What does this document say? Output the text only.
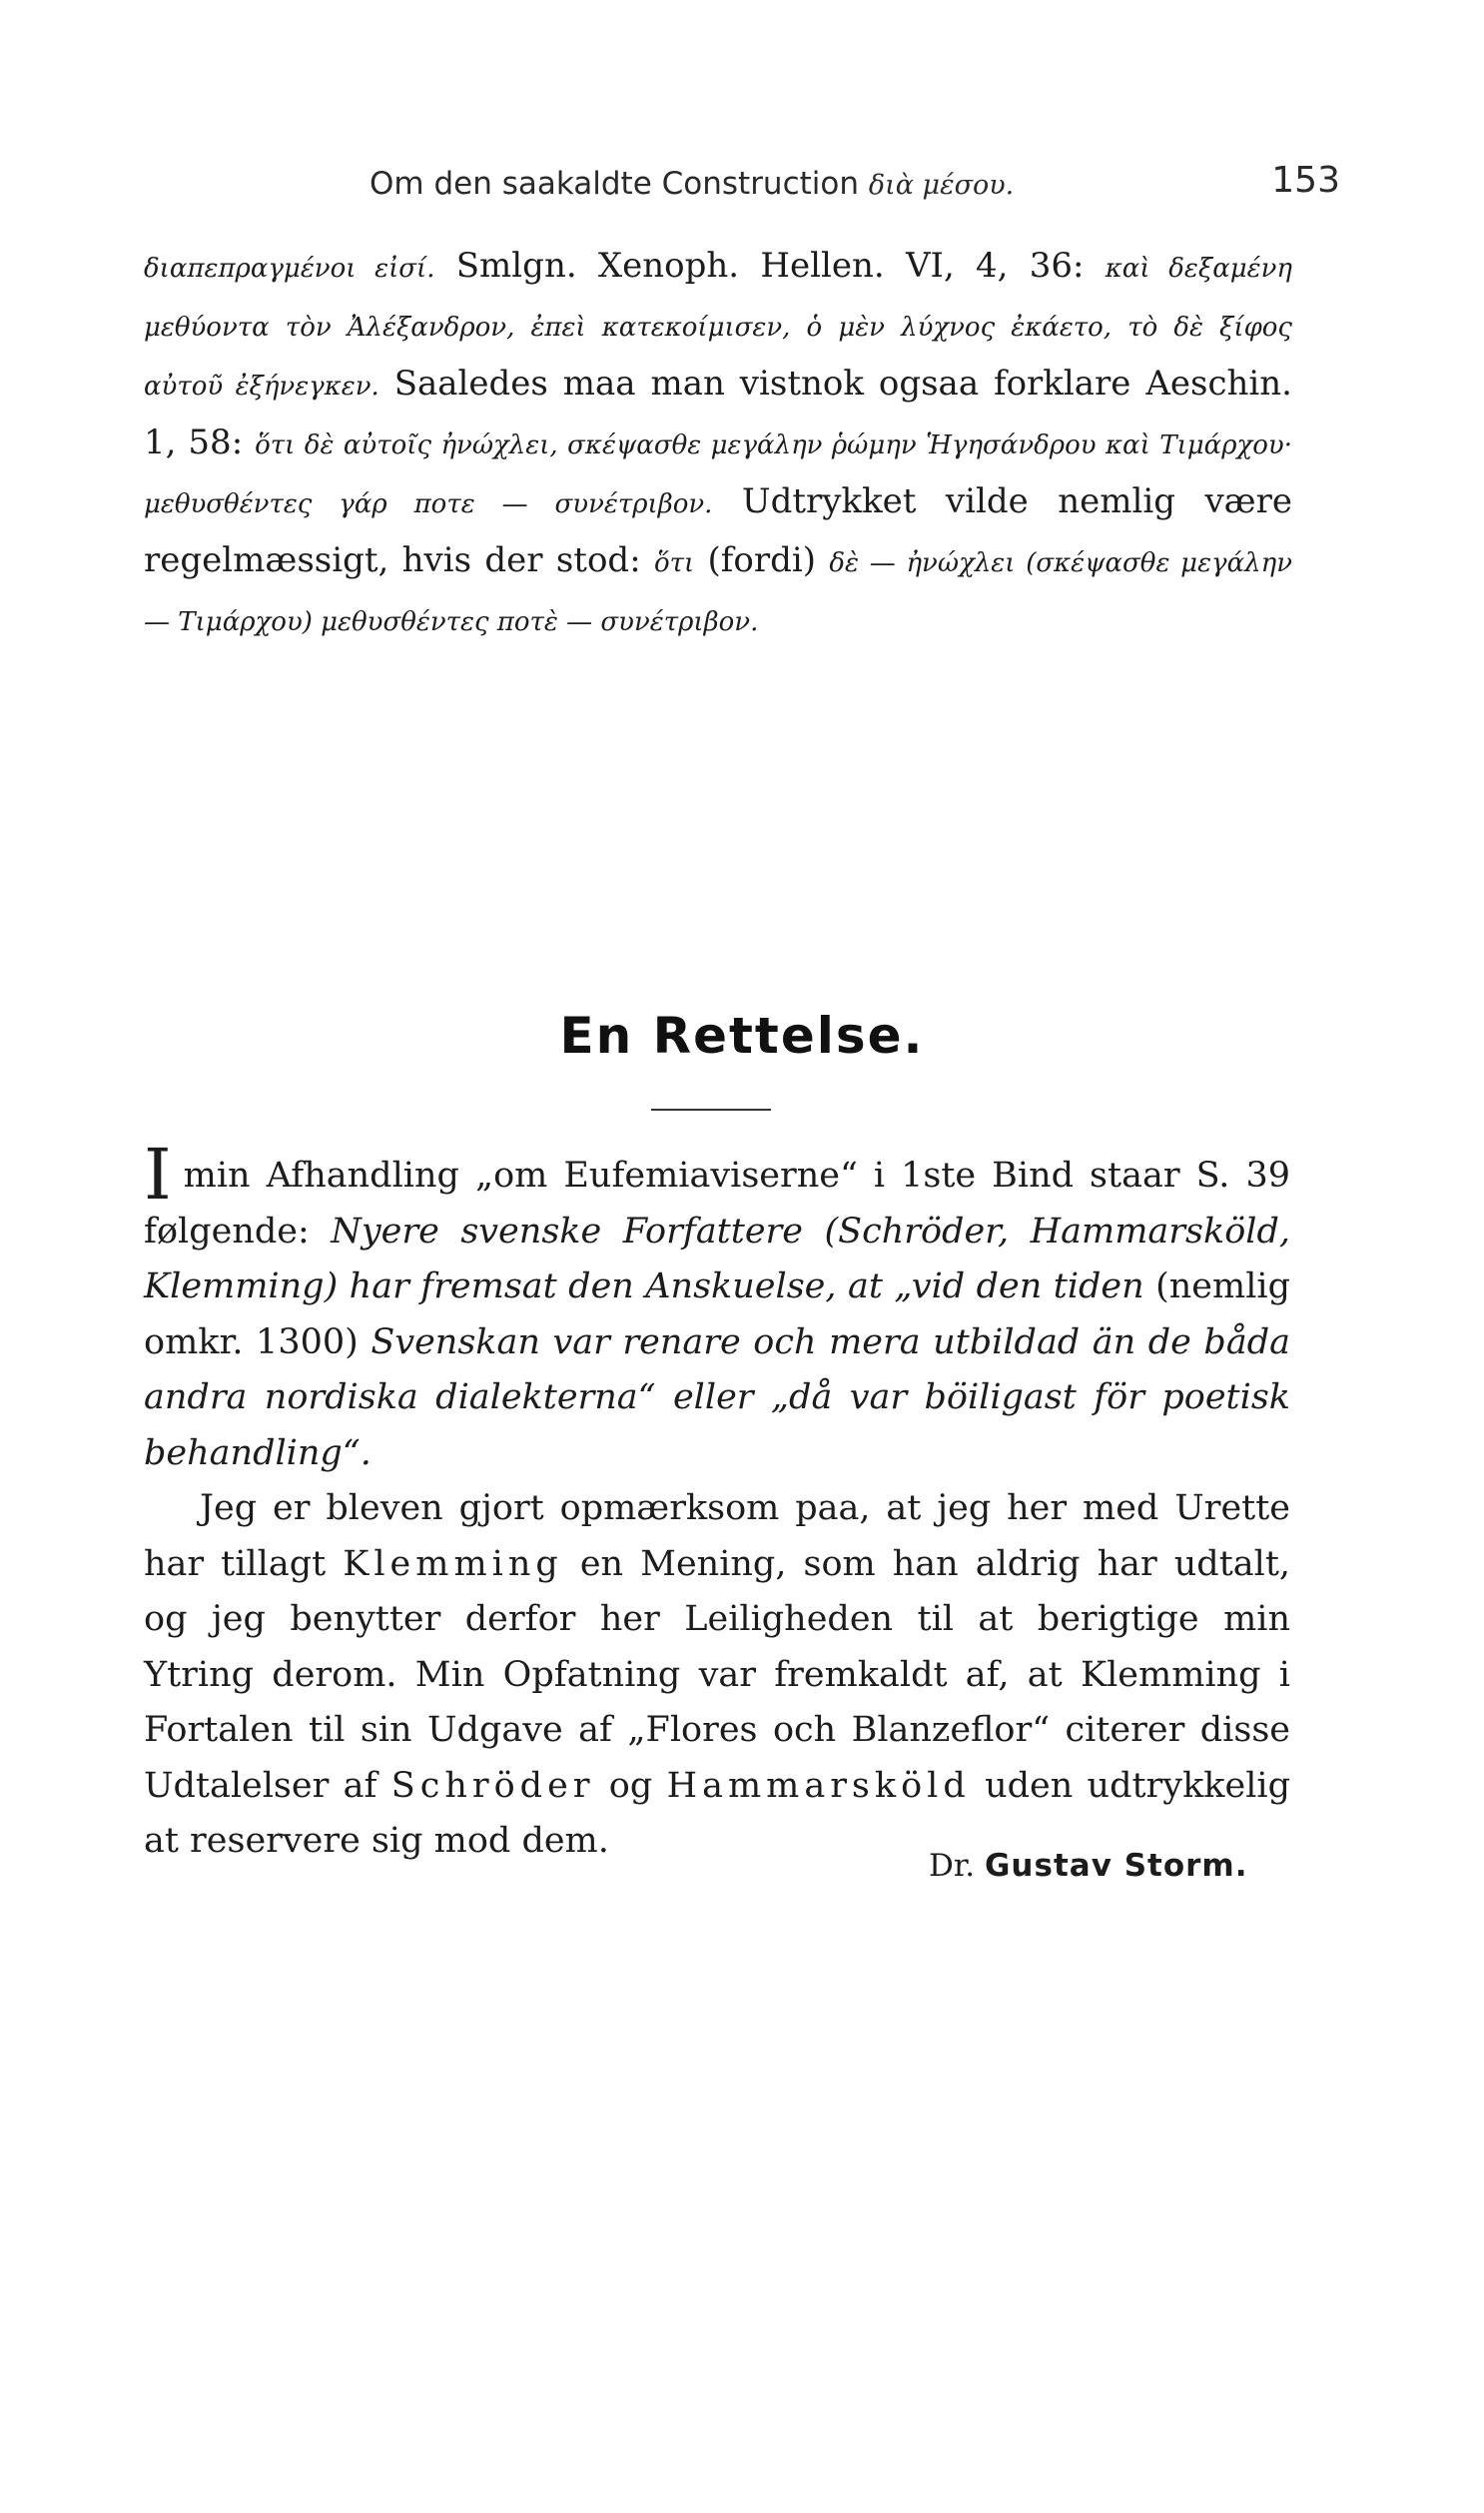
Om den saakaldte Construction διὰ μέσου.	153

διαπεπραγμένοι εἰσί. Smlgn. Xenoph. Hellen. VI, 4, 36: καὶ δεξαμένη μεθύοντα τὸν Ἀλέξανδρον, ἐπεὶ κατεκοίμισεν, ὁ μὲν λύχνος ἐκάετο, τὸ δὲ ξίφος αὐτοῦ ἐξήνεγκεν. Saaledes maa man vistnok ogsaa forklare Aeschin. 1, 58: ὅτι δὲ αὐτοῖς ἠνώχλει, σκέψασθε μεγάλην ῥώμην Ἡγησάνδρου καὶ Τιμάρχου· μεθυσθέντες γάρ ποτε — συνέτριβον. Udtrykket vilde nemlig være regelmæssigt, hvis der stod: ὅτι (fordi) δὲ — ἠνώχλει (σκέψασθε μεγάλην — Τιμάρχου) μεθυσθέντες ποτὲ — συνέτριβον.

En Rettelse.

I min Afhandling „om Eufemiaviserne“ i 1ste Bind staar S. 39 følgende: Nyere svenske Forfattere (Schröder, Hammarsköld, Klemming) har fremsat den Anskuelse, at „vid den tiden (nemlig omkr. 1300) Svenskan var renare och mera utbildad än de båda andra nordiska dialekterna“ eller „då var böiligast för poetisk behandling“.

Jeg er bleven gjort opmærksom paa, at jeg her med Urette har tillagt Klemming en Mening, som han aldrig har udtalt, og jeg benytter derfor her Leiligheden til at berigtige min Ytring derom. Min Opfatning var fremkaldt af, at Klemming i Fortalen til sin Udgave af „Flores och Blanzeflor“ citerer disse Udtalelser af Schröder og Hammarsköld uden udtrykkelig at reservere sig mod dem.

Dr. Gustav Storm.
